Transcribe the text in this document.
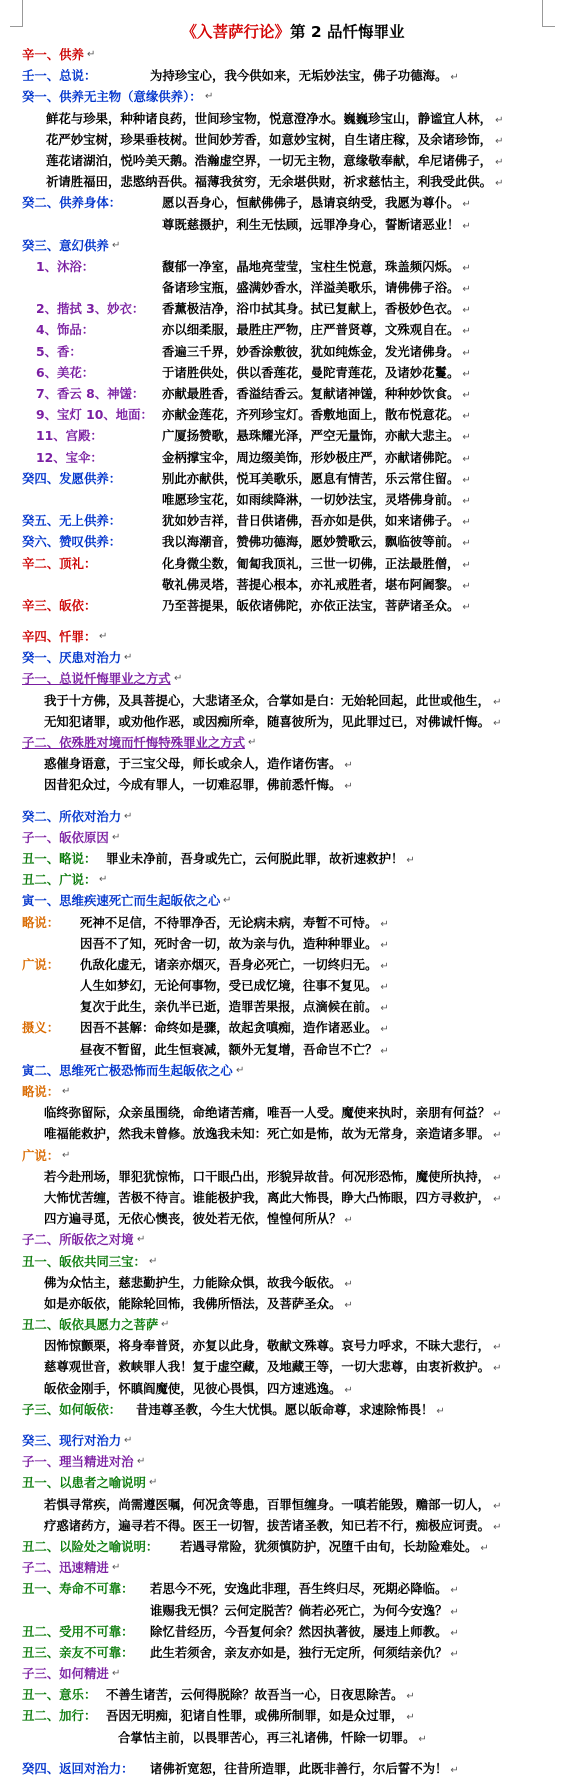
《入菩萨行论》第 2 品忏悔罪业
辛一、供养 ↵
壬一、总说：	为持珍宝心，我今供如来，无垢妙法宝，佛子功德海。 ↵
癸一、供养无主物（意缘供养）： ↵
鲜花与珍果，种种诸良药，世间珍宝物，悦意澄净水。巍巍珍宝山，静谧宜人林， ↵
花严妙宝树，珍果垂枝树。世间妙芳香，如意妙宝树，自生诸庄稼，及余诸珍饰， ↵
莲花诸湖泊，悦吟美天鹅。浩瀚虚空界，一切无主物，意缘敬奉献，牟尼诸佛子， ↵
祈请胜福田，悲愍纳吾供。福薄我贫穷，无余堪供财，祈求慈怙主，利我受此供。 ↵
癸二、供养身体：	愿以吾身心，恒献佛佛子，恳请哀纳受，我愿为尊仆。 ↵
尊既慈摄护，利生无怯顾，远罪净身心，誓断诸恶业！ ↵
癸三、意幻供养 ↵
1、沐浴：	馥郁一净室，晶地亮莹莹，宝柱生悦意，珠盖频闪烁。 ↵
备诸珍宝瓶，盛满妙香水，洋溢美歌乐，请佛佛子浴。 ↵
2、揩拭 3、妙衣： 香薰极洁净，浴巾拭其身。拭已复献上，香极妙色衣。 ↵
4、饰品：	亦以细柔服，最胜庄严物，庄严普贤尊，文殊观自在。 ↵
5、香：	香遍三千界，妙香涂敷彼，犹如纯炼金，发光诸佛身。 ↵
6、美花：	于诸胜供处，供以香莲花，曼陀青莲花，及诸妙花鬘。 ↵
7、香云 8、神馐： 亦献最胜香，香溢结香云。复献诸神馐，种种妙饮食。 ↵
9、宝灯 10、地面： 亦献金莲花，齐列珍宝灯。香敷地面上，散布悦意花。 ↵
11、宫殿：	广厦扬赞歌，悬珠耀光泽，严空无量饰，亦献大悲主。 ↵
12、宝伞：	金柄撑宝伞，周边缀美饰，形妙极庄严，亦献诸佛陀。 ↵
癸四、发愿供养：	别此亦献供，悦耳美歌乐，愿息有情苦，乐云常住留。 ↵
唯愿珍宝花，如雨续降淋，一切妙法宝，灵塔佛身前。 ↵
癸五、无上供养：	犹如妙吉祥，昔日供诸佛，吾亦如是供，如来诸佛子。 ↵
癸六、赞叹供养：	我以海潮音，赞佛功德海，愿妙赞歌云，飘临彼等前。 ↵
辛二、顶礼：	化身微尘数，匍匐我顶礼，三世一切佛，正法最胜僧， ↵
敬礼佛灵塔，菩提心根本，亦礼戒胜者，堪布阿阇黎。 ↵
辛三、皈依：	乃至菩提果，皈依诸佛陀，亦依正法宝，菩萨诸圣众。 ↵
辛四、忏罪： ↵
癸一、厌患对治力 ↵
子一、总说忏悔罪业之方式 ↵
我于十方佛，及具菩提心，大悲诸圣众，合掌如是白：无始轮回起，此世或他生， ↵
无知犯诸罪，或劝他作恶，或因痴所牵，随喜彼所为，见此罪过已，对佛诚忏悔。 ↵
子二、依殊胜对境而忏悔特殊罪业之方式 ↵
惑催身语意，于三宝父母，师长或余人，造作诸伤害。 ↵
因昔犯众过，今成有罪人，一切难忍罪，佛前悉忏悔。 ↵
癸二、所依对治力 ↵
子一、皈依原因 ↵
丑一、略说： 罪业未净前，吾身或先亡，云何脱此罪，故祈速救护！ ↵
丑二、广说： ↵
寅一、思维疾速死亡而生起皈依之心 ↵
略说： 死神不足信，不待罪净否，无论病未病，寿暂不可恃。 ↵
因吾不了知，死时舍一切，故为亲与仇，造种种罪业。 ↵
广说： 仇敌化虚无，诸亲亦烟灭，吾身必死亡，一切终归无。 ↵
人生如梦幻，无论何事物，受已成忆境，往事不复见。 ↵
复次于此生，亲仇半已逝，造罪苦果报，点滴候在前。 ↵
摄义： 因吾不甚解：命终如是骤，故起贪嗔痴，造作诸恶业。 ↵
昼夜不暂留，此生恒衰减，额外无复增，吾命岂不亡？ ↵
寅二、思维死亡极恐怖而生起皈依之心 ↵
略说： ↵
临终弥留际，众亲虽围绕，命绝诸苦痛，唯吾一人受。魔使来执时，亲朋有何益？ ↵
唯福能救护，然我未曾修。放逸我未知：死亡如是怖，故为无常身，亲造诸多罪。 ↵
广说： ↵
若今赴刑场，罪犯犹惊怖，口干眼凸出，形貌异故昔。何况形恐怖，魔使所执持， ↵
大怖忧苦缠，苦极不待言。谁能极护我，离此大怖畏，睁大凸怖眼，四方寻救护， ↵
四方遍寻觅，无依心懊丧，彼处若无依，惶惶何所从？ ↵
子二、所皈依之对境 ↵
丑一、皈依共同三宝： ↵
佛为众怙主，慈悲勤护生，力能除众惧，故我今皈依。 ↵
如是亦皈依，能除轮回怖，我佛所悟法，及菩萨圣众。 ↵
丑二、皈依具愿力之菩萨 ↵
因怖惊颤栗，将身奉普贤，亦复以此身，敬献文殊尊。哀号力呼求，不昧大悲行， ↵
慈尊观世音，救峡罪人我！复于虚空藏，及地藏王等，一切大悲尊，由衷祈救护。 ↵
皈依金刚手，怀瞋阎魔使，见彼心畏惧，四方速逃逸。 ↵
子三、如何皈依： 昔违尊圣教，今生大忧惧。愿以皈命尊，求速除怖畏！ ↵
癸三、现行对治力 ↵
子一、理当精进对治 ↵
丑一、以患者之喻说明 ↵
若惧寻常疾，尚需遵医嘱，何况贪等患，百罪恒缠身。一嗔若能毁，赡部一切人， ↵
疗惑诸药方，遍寻若不得。医王一切智，拔苦诸圣教，知已若不行，痴极应诃责。 ↵
丑二、以险处之喻说明： 若遇寻常险，犹须慎防护，况堕千由旬，长劫险难处。 ↵
子二、迅速精进 ↵
丑一、寿命不可靠： 若思今不死，安逸此非理，吾生终归尽，死期必降临。 ↵
谁赐我无惧？云何定脱苦？倘若必死亡，为何今安逸？ ↵
丑二、受用不可靠： 除忆昔经历，今吾复何余？然因执著彼，屡违上师教。 ↵
丑三、亲友不可靠： 此生若须舍，亲友亦如是，独行无定所，何须结亲仇？ ↵
子三、如何精进 ↵
丑一、意乐： 不善生诸苦，云何得脱除？故吾当一心，日夜思除苦。 ↵
丑二、加行： 吾因无明痴，犯诸自性罪，或佛所制罪，如是众过罪， ↵
合掌怙主前，以畏罪苦心，再三礼诸佛，忏除一切罪。 ↵
癸四、返回对治力： 诸佛祈宽恕，往昔所造罪，此既非善行，尔后誓不为！ ↵
